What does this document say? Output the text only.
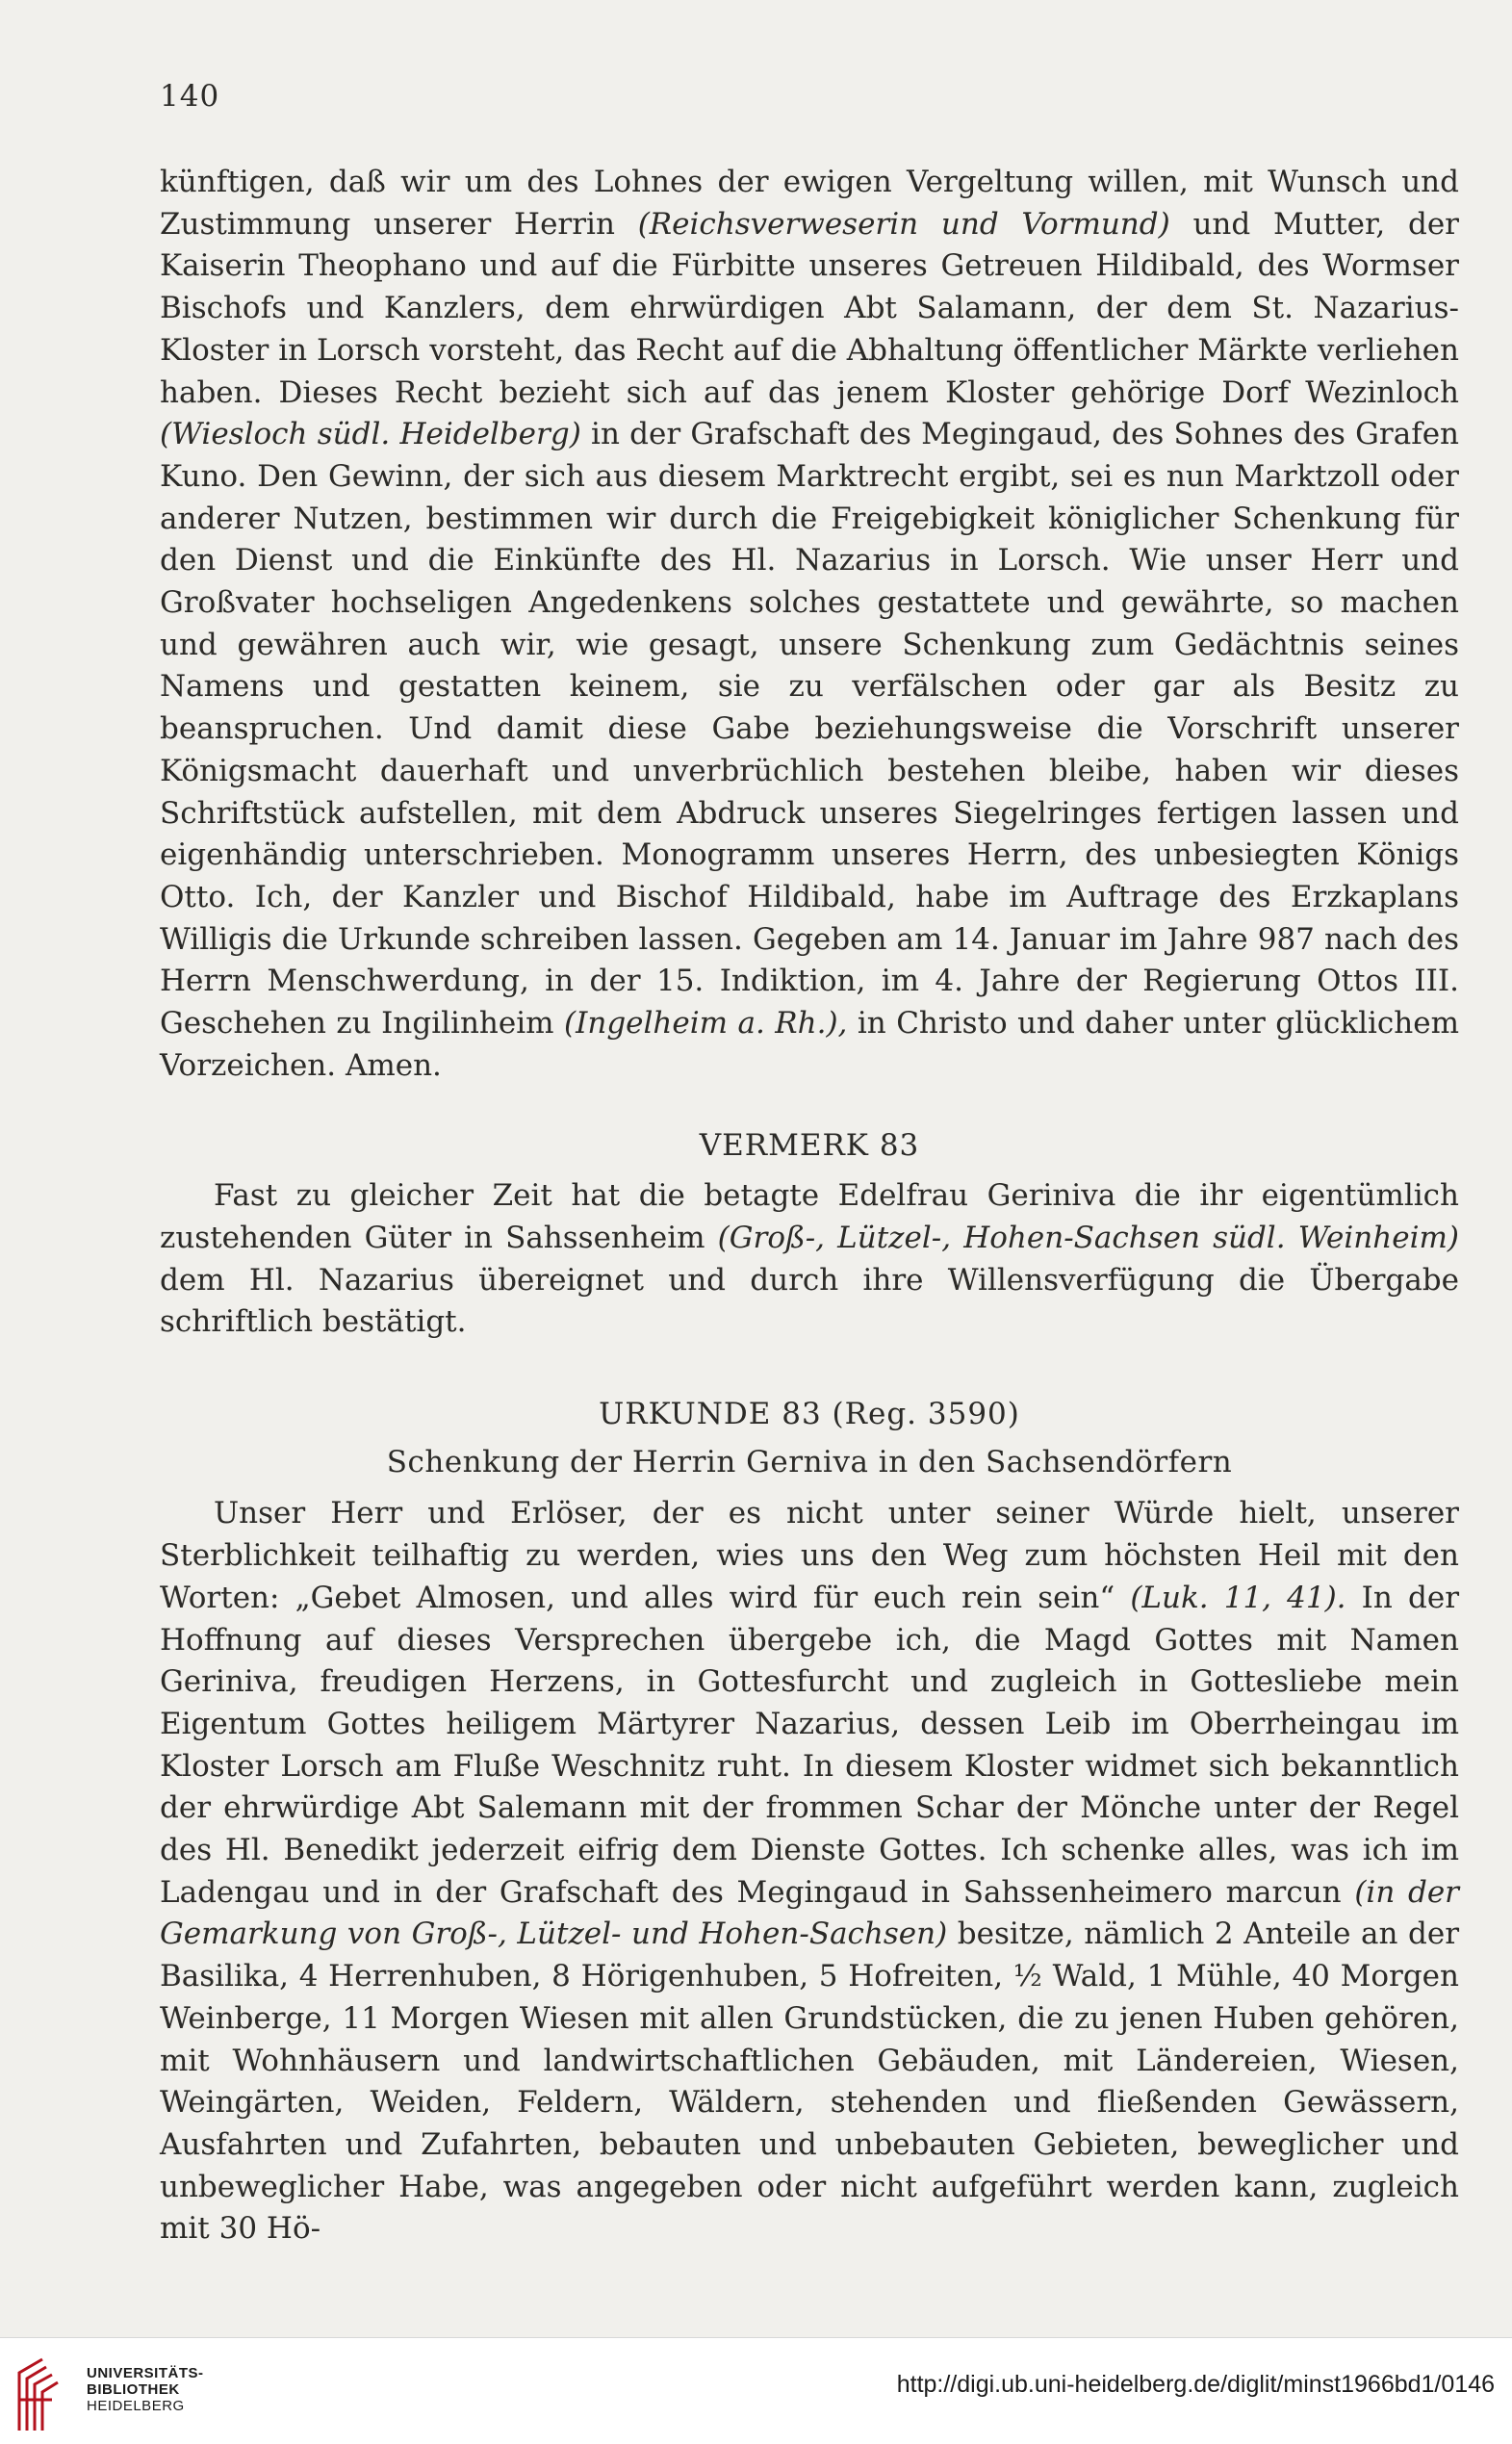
140

künftigen, daß wir um des Lohnes der ewigen Vergeltung willen, mit Wunsch und Zustimmung unserer Herrin (Reichsverweserin und Vormund) und Mutter, der Kaiserin Theophano und auf die Fürbitte unseres Getreuen Hildibald, des Wormser Bischofs und Kanzlers, dem ehrwürdigen Abt Salamann, der dem St. Nazarius-Kloster in Lorsch vorsteht, das Recht auf die Abhaltung öffentlicher Märkte verliehen haben. Dieses Recht bezieht sich auf das jenem Kloster gehörige Dorf Wezinloch (Wiesloch südl. Heidelberg) in der Grafschaft des Megingaud, des Sohnes des Grafen Kuno. Den Gewinn, der sich aus diesem Marktrecht ergibt, sei es nun Marktzoll oder anderer Nutzen, bestimmen wir durch die Freigebigkeit königlicher Schenkung für den Dienst und die Einkünfte des Hl. Nazarius in Lorsch. Wie unser Herr und Großvater hochseligen Angedenkens solches gestattete und gewährte, so machen und gewähren auch wir, wie gesagt, unsere Schenkung zum Gedächtnis seines Namens und gestatten keinem, sie zu verfälschen oder gar als Besitz zu beanspruchen. Und damit diese Gabe beziehungsweise die Vorschrift unserer Königsmacht dauerhaft und unverbrüchlich bestehen bleibe, haben wir dieses Schriftstück aufstellen, mit dem Abdruck unseres Siegelringes fertigen lassen und eigenhändig unterschrieben. Monogramm unseres Herrn, des unbesiegten Königs Otto. Ich, der Kanzler und Bischof Hildibald, habe im Auftrage des Erzkaplans Willigis die Urkunde schreiben lassen. Gegeben am 14. Januar im Jahre 987 nach des Herrn Menschwerdung, in der 15. Indiktion, im 4. Jahre der Regierung Ottos III. Geschehen zu Ingilinheim (Ingelheim a. Rh.), in Christo und daher unter glücklichem Vorzeichen. Amen.

VERMERK 83

Fast zu gleicher Zeit hat die betagte Edelfrau Geriniva die ihr eigentümlich zustehenden Güter in Sahssenheim (Groß-, Lützel-, Hohen-Sachsen südl. Weinheim) dem Hl. Nazarius übereignet und durch ihre Willensverfügung die Übergabe schriftlich bestätigt.

URKUNDE 83 (Reg. 3590)

Schenkung der Herrin Gerniva in den Sachsendörfern

Unser Herr und Erlöser, der es nicht unter seiner Würde hielt, unserer Sterblichkeit teilhaftig zu werden, wies uns den Weg zum höchsten Heil mit den Worten: „Gebet Almosen, und alles wird für euch rein sein“ (Luk. 11, 41). In der Hoffnung auf dieses Versprechen übergebe ich, die Magd Gottes mit Namen Geriniva, freudigen Herzens, in Gottesfurcht und zugleich in Gottesliebe mein Eigentum Gottes heiligem Märtyrer Nazarius, dessen Leib im Oberrheingau im Kloster Lorsch am Fluße Weschnitz ruht. In diesem Kloster widmet sich bekanntlich der ehrwürdige Abt Salemann mit der frommen Schar der Mönche unter der Regel des Hl. Benedikt jederzeit eifrig dem Dienste Gottes. Ich schenke alles, was ich im Ladengau und in der Grafschaft des Megingaud in Sahssenheimero marcun (in der Gemarkung von Groß-, Lützel- und Hohen-Sachsen) besitze, nämlich 2 Anteile an der Basilika, 4 Herrenhuben, 8 Hörigenhuben, 5 Hofreiten, ½ Wald, 1 Mühle, 40 Morgen Weinberge, 11 Morgen Wiesen mit allen Grundstücken, die zu jenen Huben gehören, mit Wohnhäusern und landwirtschaftlichen Gebäuden, mit Ländereien, Wiesen, Weingärten, Weiden, Feldern, Wäldern, stehenden und fließenden Gewässern, Ausfahrten und Zufahrten, bebauten und unbebauten Gebieten, beweglicher und unbeweglicher Habe, was angegeben oder nicht aufgeführt werden kann, zugleich mit 30 Hö-

UNIVERSITÄTS-
BIBLIOTHEK
HEIDELBERG
http://digi.ub.uni-heidelberg.de/diglit/minst1966bd1/0146
